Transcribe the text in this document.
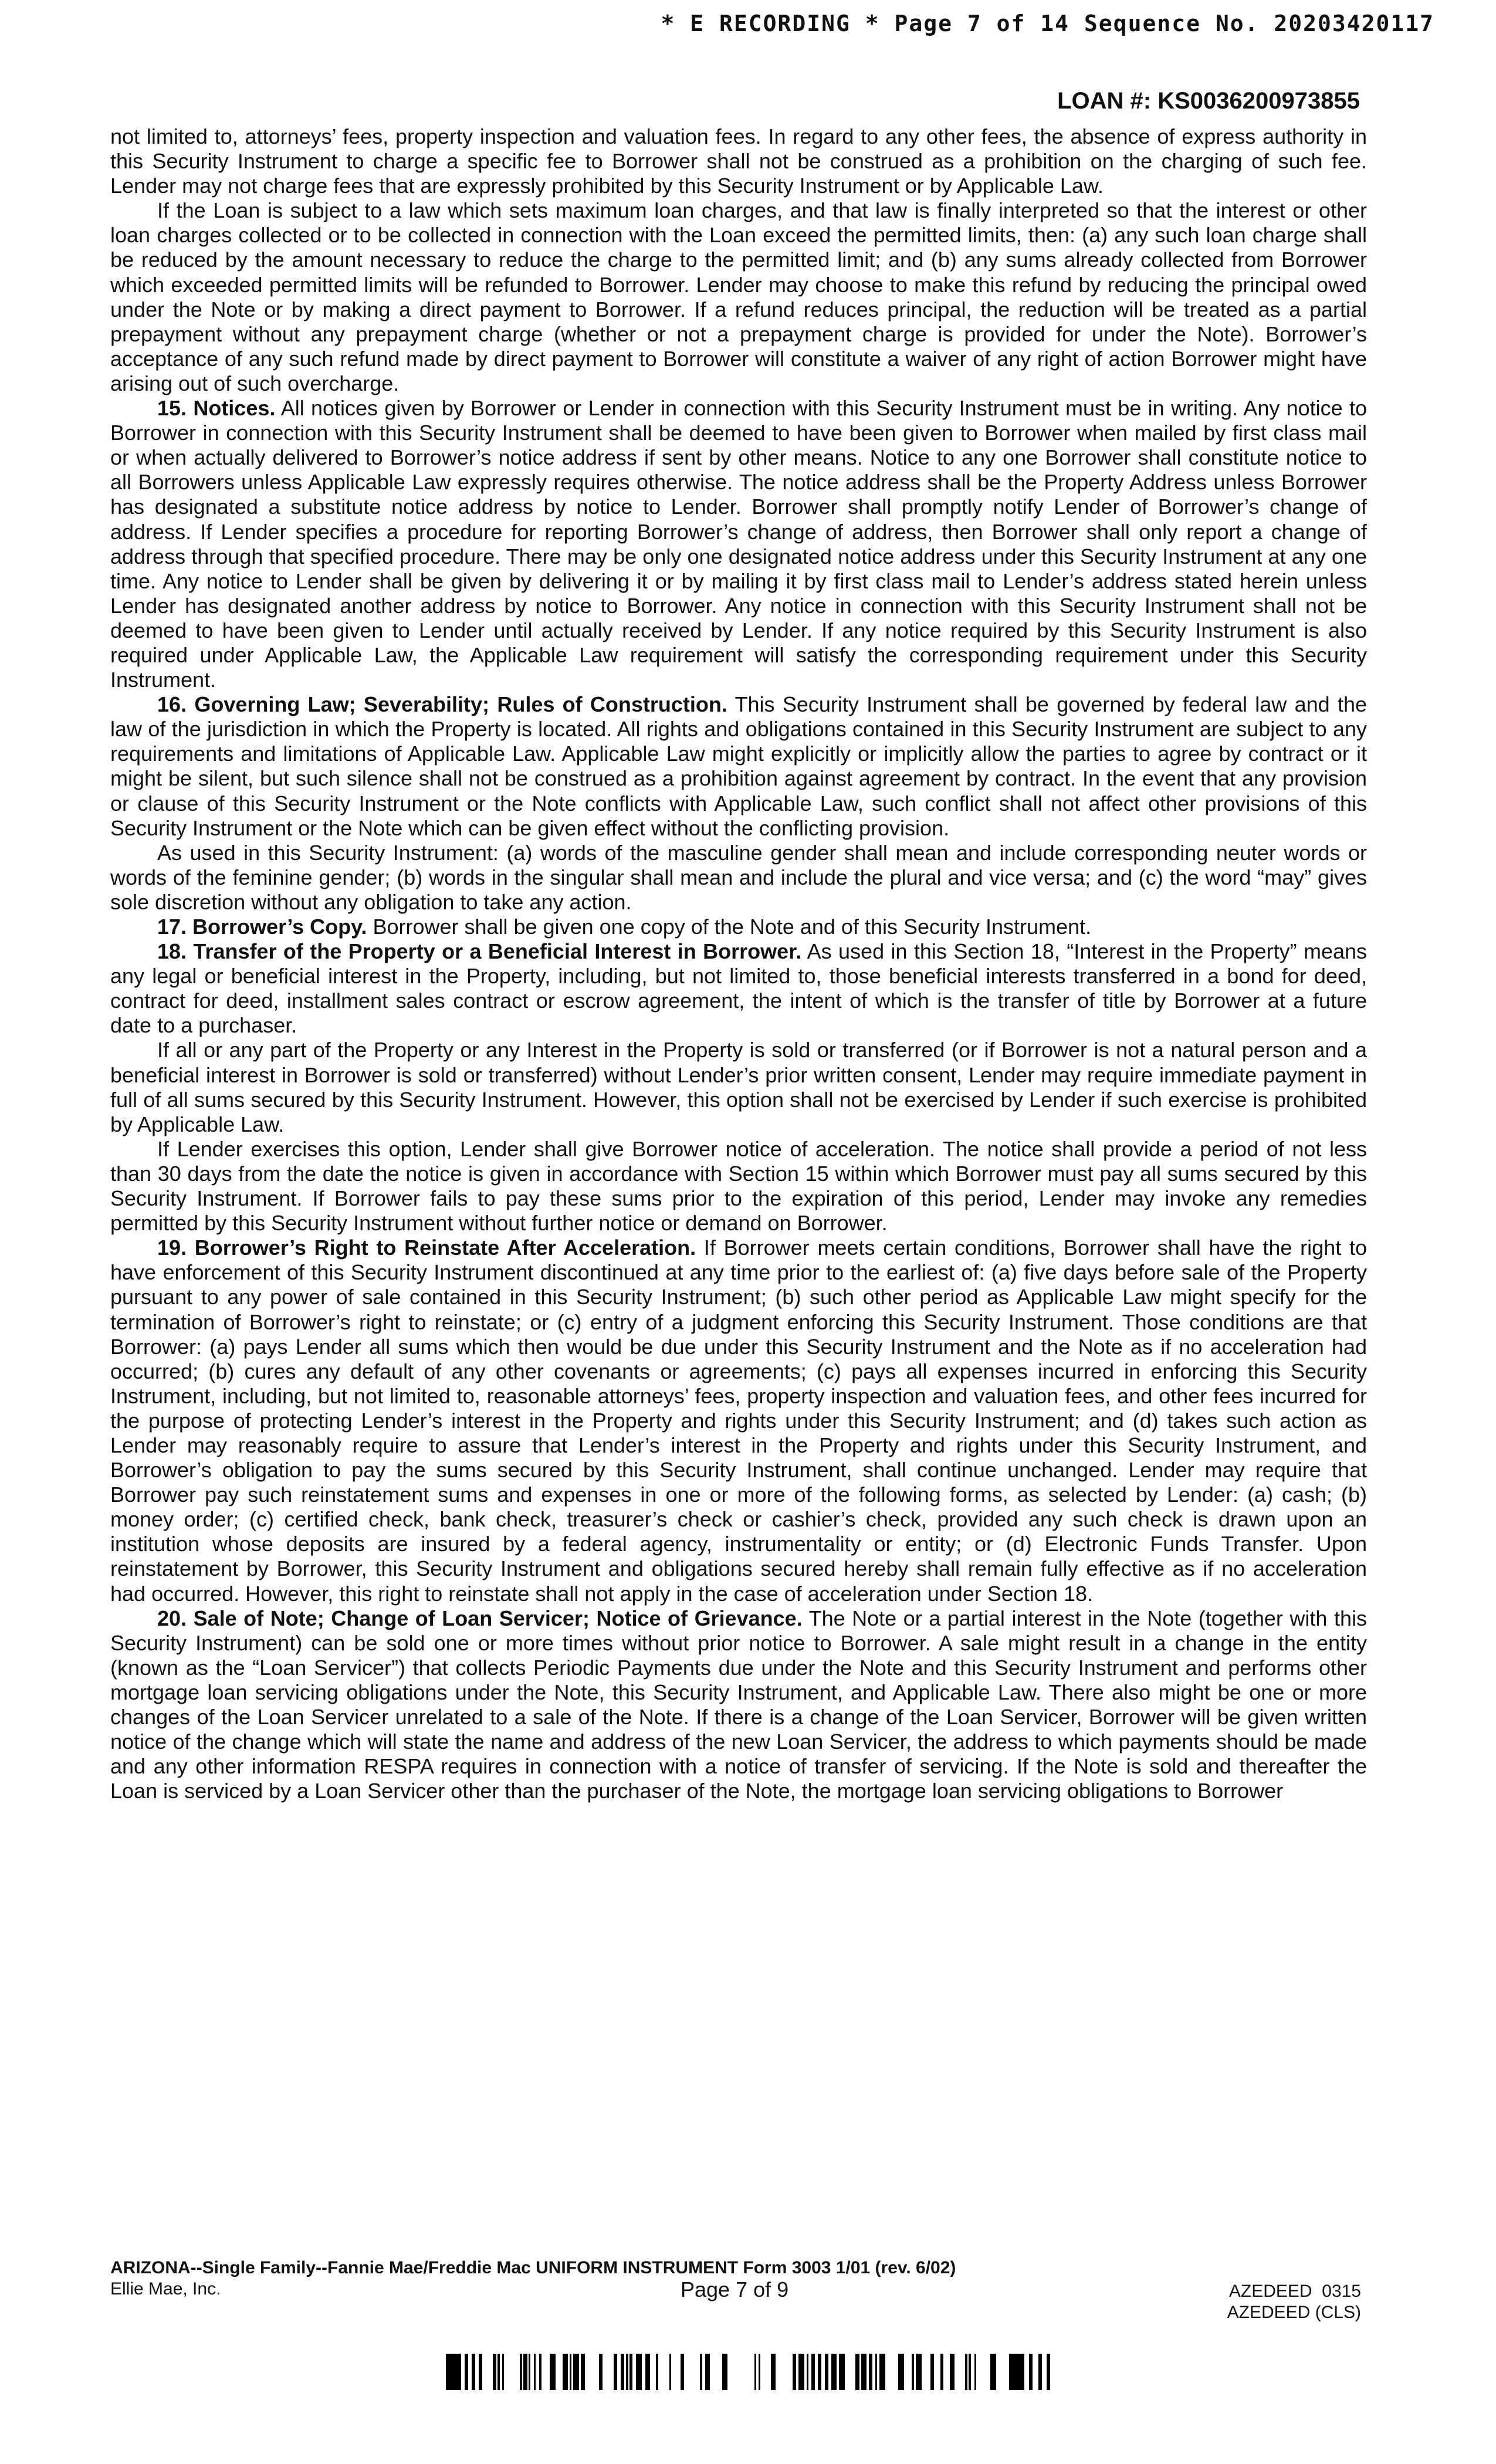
* E RECORDING * Page 7 of 14 Sequence No. 20203420117
LOAN #: KS0036200973855

not limited to, attorneys’ fees, property inspection and valuation fees. In regard to any other fees, the absence of express authority in this Security Instrument to charge a specific fee to Borrower shall not be construed as a prohibition on the charging of such fee. Lender may not charge fees that are expressly prohibited by this Security Instrument or by Applicable Law.

If the Loan is subject to a law which sets maximum loan charges, and that law is finally interpreted so that the interest or other loan charges collected or to be collected in connection with the Loan exceed the permitted limits, then: (a) any such loan charge shall be reduced by the amount necessary to reduce the charge to the permitted limit; and (b) any sums already collected from Borrower which exceeded permitted limits will be refunded to Borrower. Lender may choose to make this refund by reducing the principal owed under the Note or by making a direct payment to Borrower. If a refund reduces principal, the reduction will be treated as a partial prepayment without any prepayment charge (whether or not a prepayment charge is provided for under the Note). Borrower’s acceptance of any such refund made by direct payment to Borrower will constitute a waiver of any right of action Borrower might have arising out of such overcharge.

15. Notices. All notices given by Borrower or Lender in connection with this Security Instrument must be in writing. Any notice to Borrower in connection with this Security Instrument shall be deemed to have been given to Borrower when mailed by first class mail or when actually delivered to Borrower’s notice address if sent by other means. Notice to any one Borrower shall constitute notice to all Borrowers unless Applicable Law expressly requires otherwise. The notice address shall be the Property Address unless Borrower has designated a substitute notice address by notice to Lender. Borrower shall promptly notify Lender of Borrower’s change of address. If Lender specifies a procedure for reporting Borrower’s change of address, then Borrower shall only report a change of address through that specified procedure. There may be only one designated notice address under this Security Instrument at any one time. Any notice to Lender shall be given by delivering it or by mailing it by first class mail to Lender’s address stated herein unless Lender has designated another address by notice to Borrower. Any notice in connection with this Security Instrument shall not be deemed to have been given to Lender until actually received by Lender. If any notice required by this Security Instrument is also required under Applicable Law, the Applicable Law requirement will satisfy the corresponding requirement under this Security Instrument.

16. Governing Law; Severability; Rules of Construction. This Security Instrument shall be governed by federal law and the law of the jurisdiction in which the Property is located. All rights and obligations contained in this Security Instrument are subject to any requirements and limitations of Applicable Law. Applicable Law might explicitly or implicitly allow the parties to agree by contract or it might be silent, but such silence shall not be construed as a prohibition against agreement by contract. In the event that any provision or clause of this Security Instrument or the Note conflicts with Applicable Law, such conflict shall not affect other provisions of this Security Instrument or the Note which can be given effect without the conflicting provision.

As used in this Security Instrument: (a) words of the masculine gender shall mean and include corresponding neuter words or words of the feminine gender; (b) words in the singular shall mean and include the plural and vice versa; and (c) the word “may” gives sole discretion without any obligation to take any action.

17. Borrower’s Copy. Borrower shall be given one copy of the Note and of this Security Instrument.

18. Transfer of the Property or a Beneficial Interest in Borrower. As used in this Section 18, “Interest in the Property” means any legal or beneficial interest in the Property, including, but not limited to, those beneficial interests transferred in a bond for deed, contract for deed, installment sales contract or escrow agreement, the intent of which is the transfer of title by Borrower at a future date to a purchaser.

If all or any part of the Property or any Interest in the Property is sold or transferred (or if Borrower is not a natural person and a beneficial interest in Borrower is sold or transferred) without Lender’s prior written consent, Lender may require immediate payment in full of all sums secured by this Security Instrument. However, this option shall not be exercised by Lender if such exercise is prohibited by Applicable Law.

If Lender exercises this option, Lender shall give Borrower notice of acceleration. The notice shall provide a period of not less than 30 days from the date the notice is given in accordance with Section 15 within which Borrower must pay all sums secured by this Security Instrument. If Borrower fails to pay these sums prior to the expiration of this period, Lender may invoke any remedies permitted by this Security Instrument without further notice or demand on Borrower.

19. Borrower’s Right to Reinstate After Acceleration. If Borrower meets certain conditions, Borrower shall have the right to have enforcement of this Security Instrument discontinued at any time prior to the earliest of: (a) five days before sale of the Property pursuant to any power of sale contained in this Security Instrument; (b) such other period as Applicable Law might specify for the termination of Borrower’s right to reinstate; or (c) entry of a judgment enforcing this Security Instrument. Those conditions are that Borrower: (a) pays Lender all sums which then would be due under this Security Instrument and the Note as if no acceleration had occurred; (b) cures any default of any other covenants or agreements; (c) pays all expenses incurred in enforcing this Security Instrument, including, but not limited to, reasonable attorneys’ fees, property inspection and valuation fees, and other fees incurred for the purpose of protecting Lender’s interest in the Property and rights under this Security Instrument; and (d) takes such action as Lender may reasonably require to assure that Lender’s interest in the Property and rights under this Security Instrument, and Borrower’s obligation to pay the sums secured by this Security Instrument, shall continue unchanged. Lender may require that Borrower pay such reinstatement sums and expenses in one or more of the following forms, as selected by Lender: (a) cash; (b) money order; (c) certified check, bank check, treasurer’s check or cashier’s check, provided any such check is drawn upon an institution whose deposits are insured by a federal agency, instrumentality or entity; or (d) Electronic Funds Transfer. Upon reinstatement by Borrower, this Security Instrument and obligations secured hereby shall remain fully effective as if no acceleration had occurred. However, this right to reinstate shall not apply in the case of acceleration under Section 18.

20. Sale of Note; Change of Loan Servicer; Notice of Grievance. The Note or a partial interest in the Note (together with this Security Instrument) can be sold one or more times without prior notice to Borrower. A sale might result in a change in the entity (known as the “Loan Servicer”) that collects Periodic Payments due under the Note and this Security Instrument and performs other mortgage loan servicing obligations under the Note, this Security Instrument, and Applicable Law. There also might be one or more changes of the Loan Servicer unrelated to a sale of the Note. If there is a change of the Loan Servicer, Borrower will be given written notice of the change which will state the name and address of the new Loan Servicer, the address to which payments should be made and any other information RESPA requires in connection with a notice of transfer of servicing. If the Note is sold and thereafter the Loan is serviced by a Loan Servicer other than the purchaser of the Note, the mortgage loan servicing obligations to Borrower

ARIZONA--Single Family--Fannie Mae/Freddie Mac UNIFORM INSTRUMENT Form 3003 1/01 (rev. 6/02)
Ellie Mae, Inc.	Page 7 of 9	AZEDEED  0315
AZEDEED (CLS)
